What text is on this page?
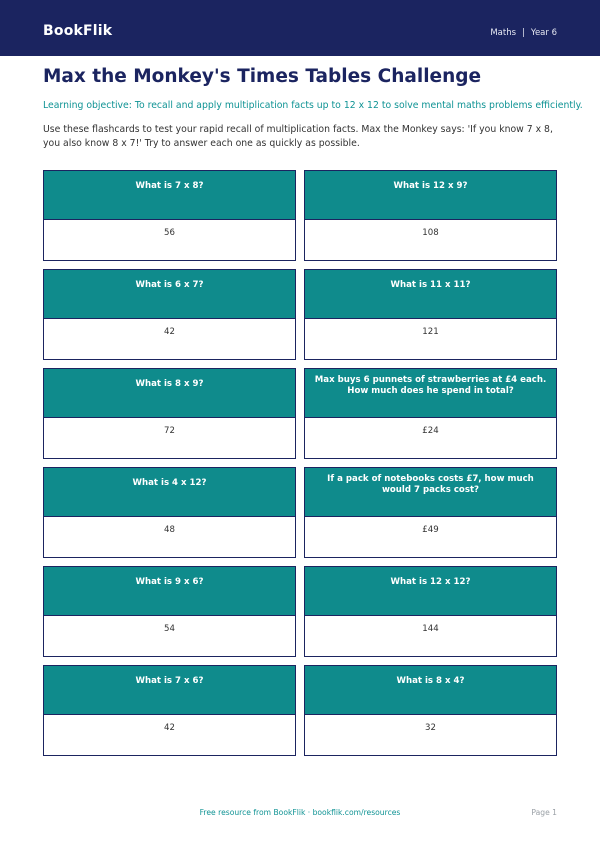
BookFlik	Maths | Year 6
Max the Monkey's Times Tables Challenge
Learning objective: To recall and apply multiplication facts up to 12 x 12 to solve mental maths problems efficiently.
Use these flashcards to test your rapid recall of multiplication facts. Max the Monkey says: 'If you know 7 x 8, you also know 8 x 7!' Try to answer each one as quickly as possible.
What is 7 x 8?
56
What is 12 x 9?
108
What is 6 x 7?
42
What is 11 x 11?
121
What is 8 x 9?
72
Max buys 6 punnets of strawberries at £4 each. How much does he spend in total?
£24
What is 4 x 12?
48
If a pack of notebooks costs £7, how much would 7 packs cost?
£49
What is 9 x 6?
54
What is 12 x 12?
144
What is 7 x 6?
42
What is 8 x 4?
32
Free resource from BookFlik · bookflik.com/resources	Page 1
